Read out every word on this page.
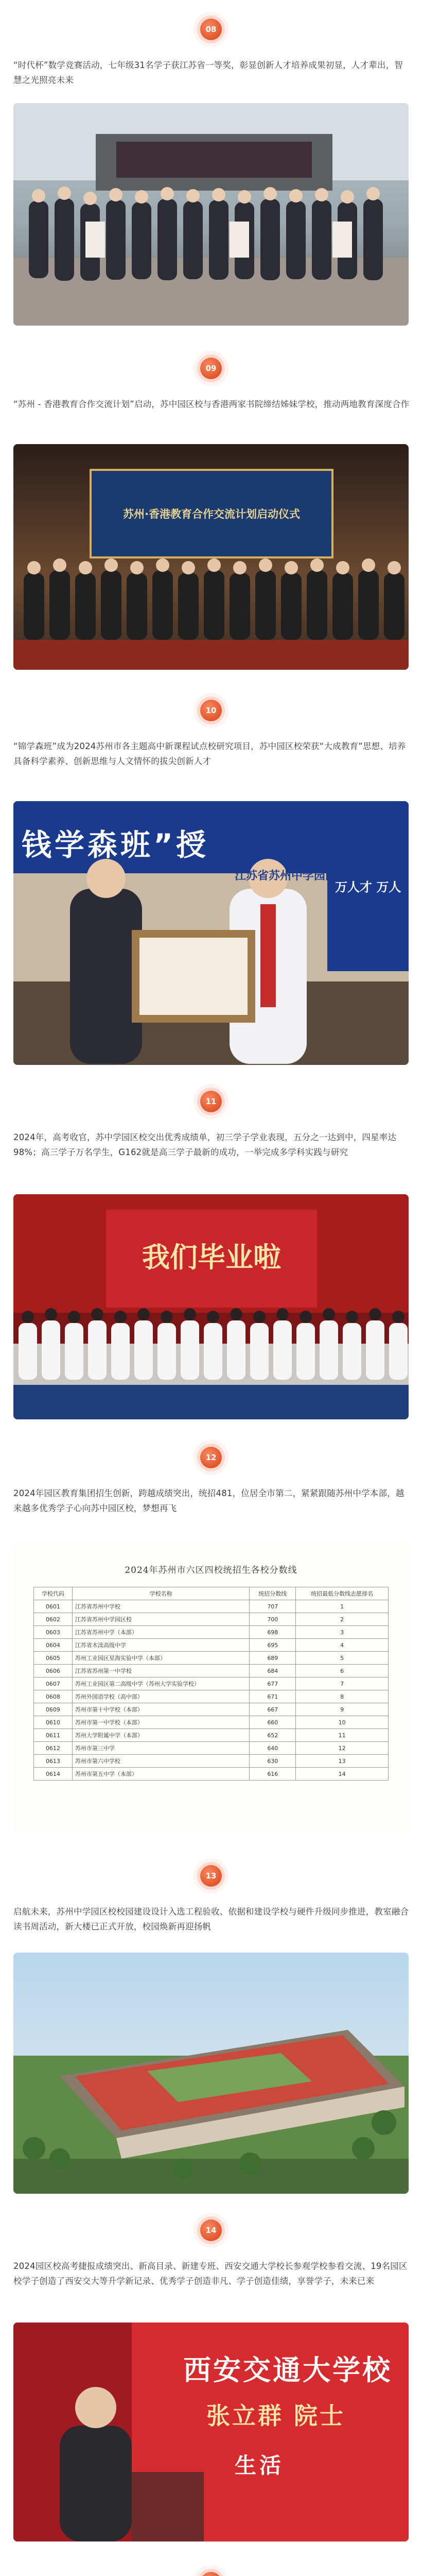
08
“时代杯”数学竞赛活动，七年级31名学子获江苏省一等奖，彰显创新人才培养成果初显，人才辈出，智慧之光照亮未来
09
“苏州 - 香港教育合作交流计划”启动，苏中园区校与香港两家书院缔结姊妹学校，推动两地教育深度合作
苏州·香港教育合作交流计划启动仪式
10
“锦学森班”成为2024苏州市各主题高中新课程试点校研究项目，苏中园区校荣获“大成教育”思想、培养具备科学素养、创新思维与人文情怀的拔尖创新人才
钱学森班”授
江苏省苏州中学园区校
万人才 万人
11
2024年，高考收官，苏中学园区校交出优秀成绩单，初三学子学业表现，五分之一达到中，四星率达98%；高三学子万名学生，G162就是高三学子最新的成功，一举完成多学科实践与研究
我们毕业啦
12
2024年园区教育集团招生创新，跨越成绩突出，统招481，位居全市第二，紧紧跟随苏州中学本部，越来越多优秀学子心向苏中园区校，梦想再飞
2024年苏州市六区四校统招生各校分数线
学校代码	学校名称	统招分数线	统招最低分数线志愿排名
0601	江苏省苏州中学校	707	1
0602	江苏省苏州中学园区校	700	2
0603	江苏省苏州中学（本部）	698	3
0604	江苏省木渎高级中学	695	4
0605	苏州工业园区星海实验中学（本部）	689	5
0606	江苏省苏州第一中学校	684	6
0607	苏州工业园区第二高级中学（苏州大学实验学校）	677	7
0608	苏州外国语学校（高中部）	671	8
0609	苏州市第十中学校（本部）	667	9
0610	苏州市第一中学校（本部）	660	10
0611	苏州大学附属中学（本部）	652	11
0612	苏州市第三中学	640	12
0613	苏州市第六中学校	630	13
0614	苏州市第五中学（本部）	616	14
13
启航未来，苏州中学园区校校园建设设计入选工程验收、依据和建设学校与硬件升级同步推进，教室融合读书周活动，新大楼已正式开放，校园焕新再迎扬帆
14
2024园区校高考捷报成绩突出、新高目录、新建专班、西安交通大学校长参观学校参看交流、19名园区校学子创造了西安交大等升学新记录、优秀学子创造非凡、学子创造佳绩，享誉学子，未来已来
西安交通大学校
张立群 院士
生活
